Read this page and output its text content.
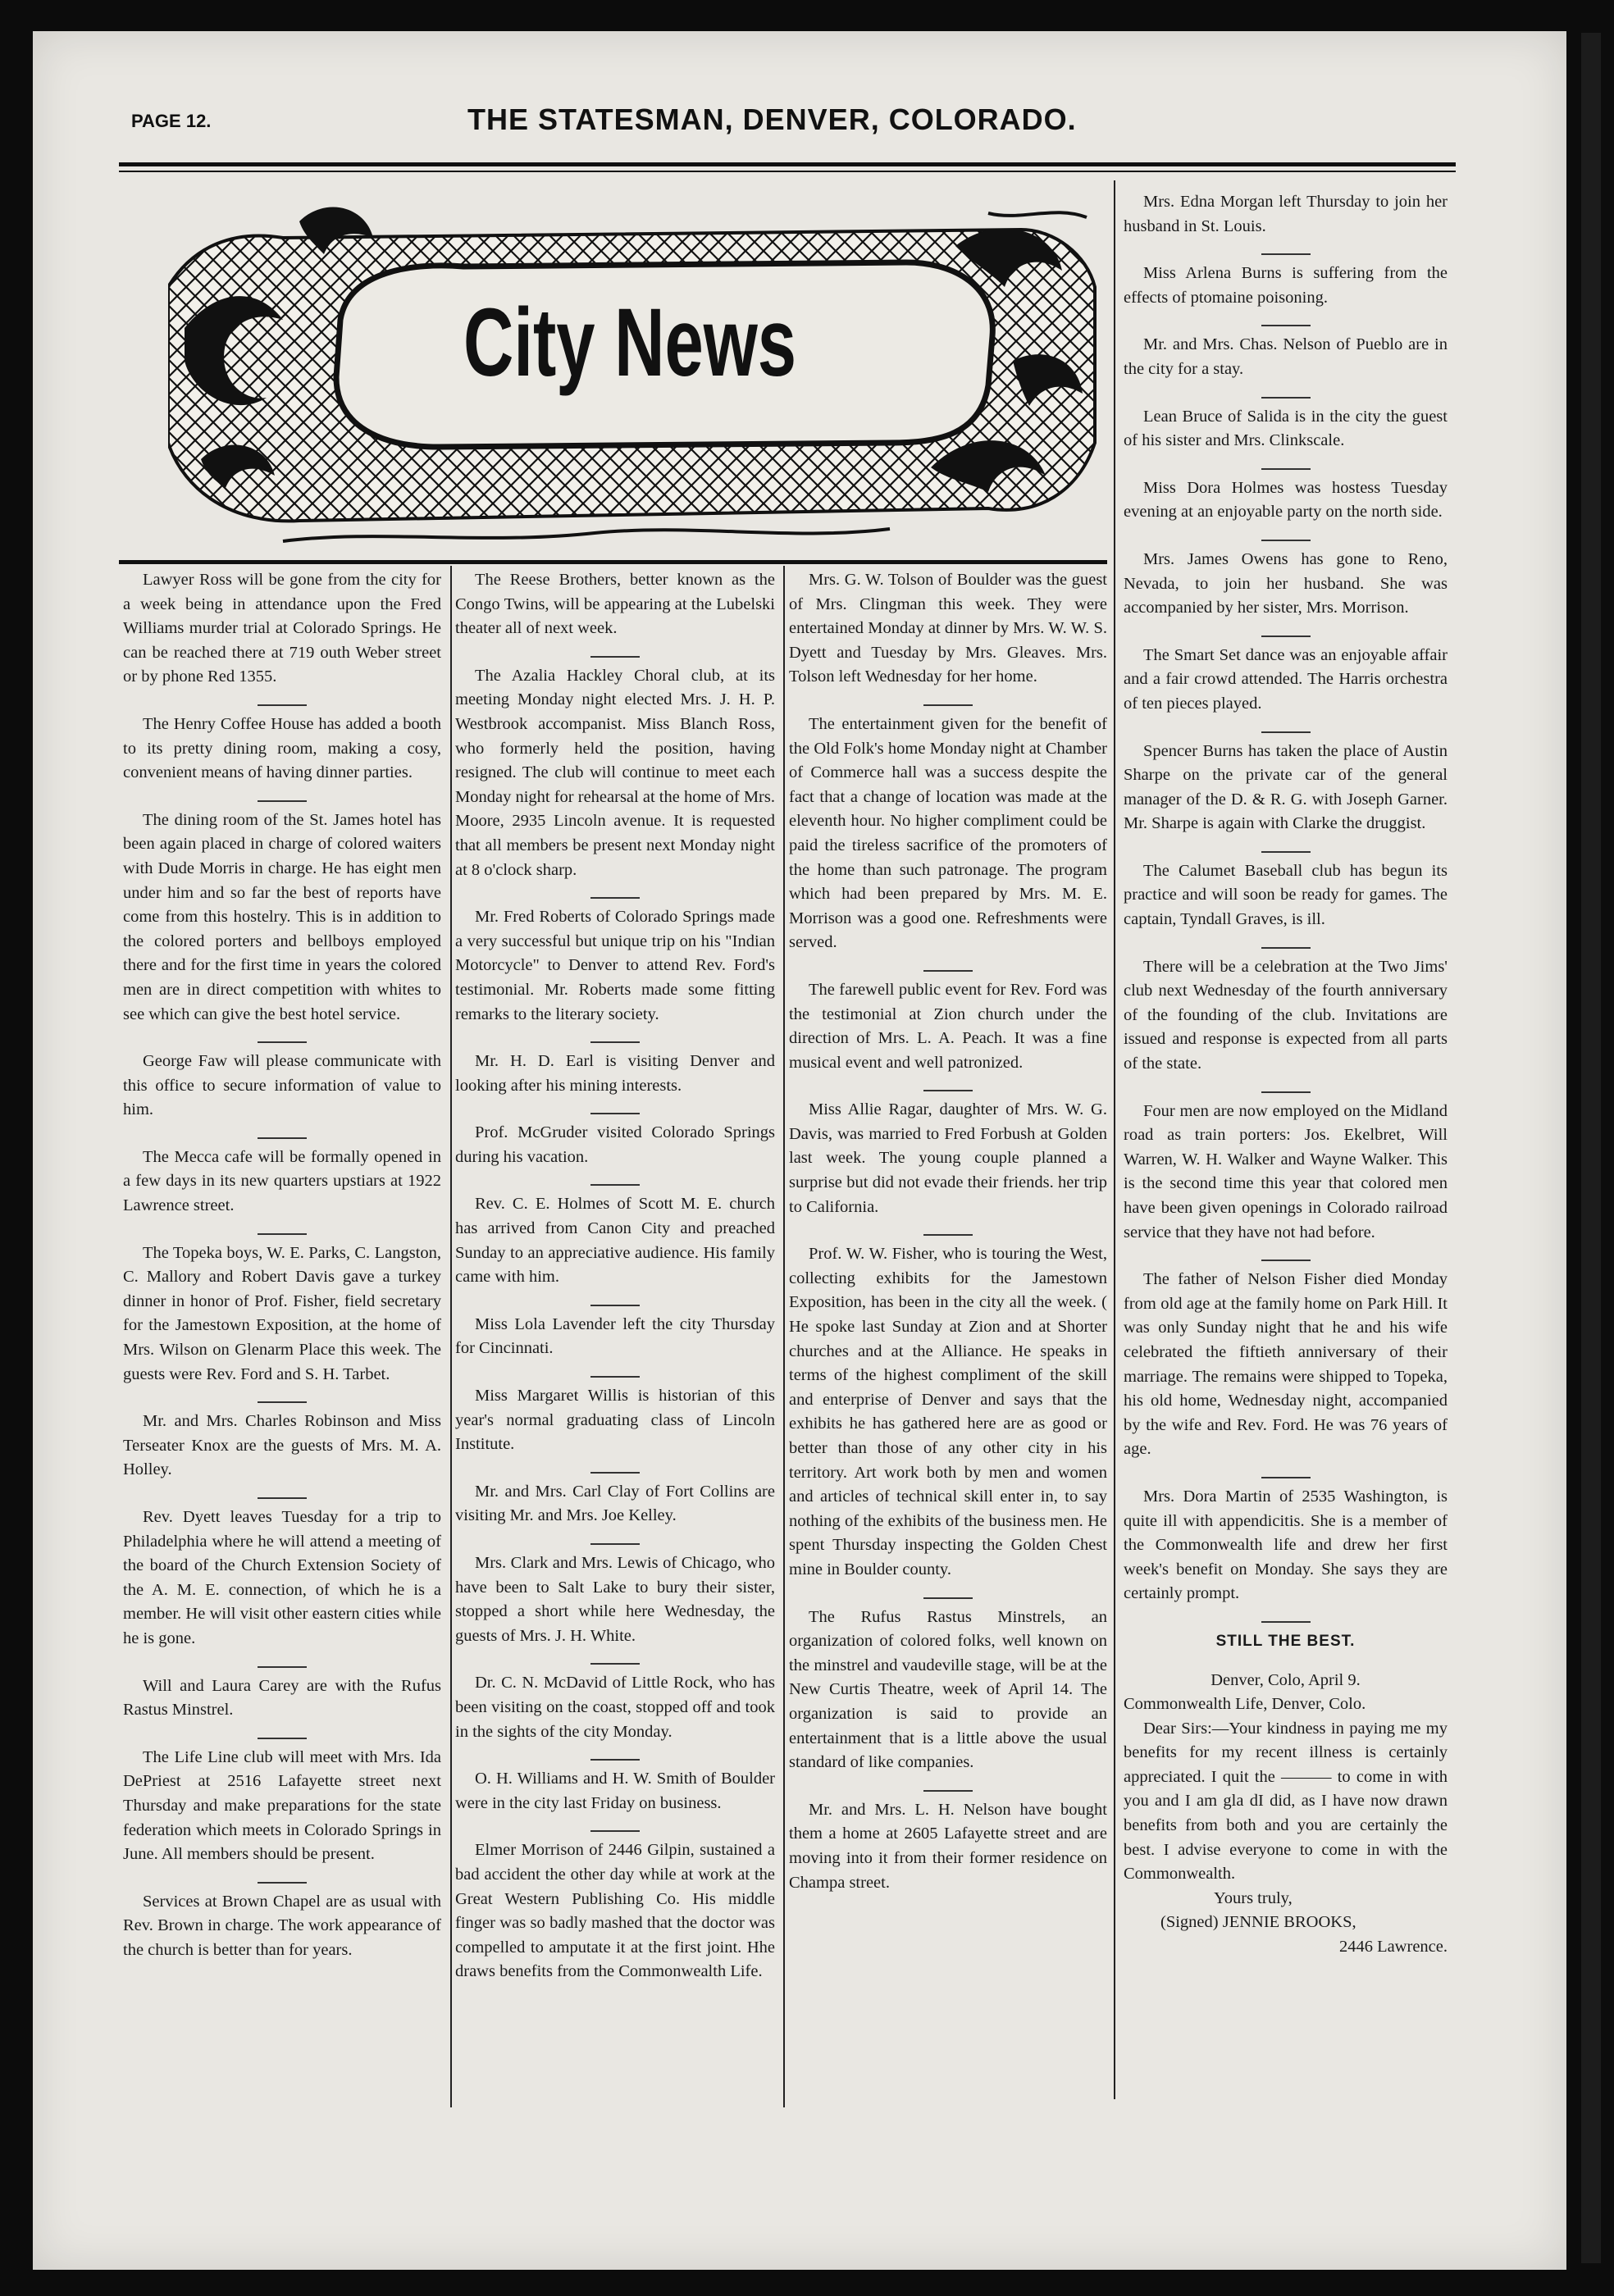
PAGE 12.	THE STATESMAN, DENVER, COLORADO.
City News

Mrs. Edna Morgan left Thursday to join her husband in St. Louis.

Miss Arlena Burns is suffering from the effects of ptomaine poisoning.

Mr. and Mrs. Chas. Nelson of Pueblo are in the city for a stay.

Lean Bruce of Salida is in the city the guest of his sister and Mrs. Clinkscale.

Miss Dora Holmes was hostess Tuesday evening at an enjoyable party on the north side.

Mrs. James Owens has gone to Reno, Nevada, to join her husband. She was accompanied by her sister, Mrs. Morrison.

The Smart Set dance was an enjoyable affair and a fair crowd attended. The Harris orchestra of ten pieces played.

Spencer Burns has taken the place of Austin Sharpe on the private car of the general manager of the D. & R. G. with Joseph Garner. Mr. Sharpe is again with Clarke the druggist.

The Calumet Baseball club has begun its practice and will soon be ready for games. The captain, Tyndall Graves, is ill.

There will be a celebration at the Two Jims' club next Wednesday of the fourth anniversary of the founding of the club. Invitations are issued and response is expected from all parts of the state.

Four men are now employed on the Midland road as train porters: Jos. Ekelbret, Will Warren, W. H. Walker and Wayne Walker. This is the second time this year that colored men have been given openings in Colorado railroad service that they have not had before.

The father of Nelson Fisher died Monday from old age at the family home on Park Hill. It was only Sunday night that he and his wife celebrated the fiftieth anniversary of their marriage. The remains were shipped to Topeka, his old home, Wednesday night, accompanied by the wife and Rev. Ford. He was 76 years of age.

Mrs. Dora Martin of 2535 Washington, is quite ill with appendicitis. She is a member of the Commonwealth life and drew her first week's benefit on Monday. She says they are certainly prompt.

STILL THE BEST.

Denver, Colo, April 9.

Commonwealth Life, Denver, Colo.

Dear Sirs:—Your kindness in paying me my benefits for my recent illness is certainly appreciated. I quit the ——— to come in with you and I am gla dI did, as I have now drawn benefits from both and you are certainly the best. I advise everyone to come in with the Commonwealth.

Yours truly,

(Signed) JENNIE BROOKS,

2446 Lawrence.

Lawyer Ross will be gone from the city for a week being in attendance upon the Fred Williams murder trial at Colorado Springs. He can be reached there at 719 outh Weber street or by phone Red 1355.

The Henry Coffee House has added a booth to its pretty dining room, making a cosy, convenient means of having dinner parties.

The dining room of the St. James hotel has been again placed in charge of colored waiters with Dude Morris in charge. He has eight men under him and so far the best of reports have come from this hostelry. This is in addition to the colored porters and bellboys employed there and for the first time in years the colored men are in direct competition with whites to see which can give the best hotel service.

George Faw will please communicate with this office to secure information of value to him.

The Mecca cafe will be formally opened in a few days in its new quarters upstiars at 1922 Lawrence street.

The Topeka boys, W. E. Parks, C. Langston, C. Mallory and Robert Davis gave a turkey dinner in honor of Prof. Fisher, field secretary for the Jamestown Exposition, at the home of Mrs. Wilson on Glenarm Place this week. The guests were Rev. Ford and S. H. Tarbet.

Mr. and Mrs. Charles Robinson and Miss Terseater Knox are the guests of Mrs. M. A. Holley.

Rev. Dyett leaves Tuesday for a trip to Philadelphia where he will attend a meeting of the board of the Church Extension Society of the A. M. E. connection, of which he is a member. He will visit other eastern cities while he is gone.

Will and Laura Carey are with the Rufus Rastus Minstrel.

The Life Line club will meet with Mrs. Ida DePriest at 2516 Lafayette street next Thursday and make preparations for the state federation which meets in Colorado Springs in June. All members should be present.

Services at Brown Chapel are as usual with Rev. Brown in charge. The work appearance of the church is better than for years.

The Reese Brothers, better known as the Congo Twins, will be appearing at the Lubelski theater all of next week.

The Azalia Hackley Choral club, at its meeting Monday night elected Mrs. J. H. P. Westbrook accompanist. Miss Blanch Ross, who formerly held the position, having resigned. The club will continue to meet each Monday night for rehearsal at the home of Mrs. Moore, 2935 Lincoln avenue. It is requested that all members be present next Monday night at 8 o'clock sharp.

Mr. Fred Roberts of Colorado Springs made a very successful but unique trip on his "Indian Motorcycle" to Denver to attend Rev. Ford's testimonial. Mr. Roberts made some fitting remarks to the literary society.

Mr. H. D. Earl is visiting Denver and looking after his mining interests.

Prof. McGruder visited Colorado Springs during his vacation.

Rev. C. E. Holmes of Scott M. E. church has arrived from Canon City and preached Sunday to an appreciative audience. His family came with him.

Miss Lola Lavender left the city Thursday for Cincinnati.

Miss Margaret Willis is historian of this year's normal graduating class of Lincoln Institute.

Mr. and Mrs. Carl Clay of Fort Collins are visiting Mr. and Mrs. Joe Kelley.

Mrs. Clark and Mrs. Lewis of Chicago, who have been to Salt Lake to bury their sister, stopped a short while here Wednesday, the guests of Mrs. J. H. White.

Dr. C. N. McDavid of Little Rock, who has been visiting on the coast, stopped off and took in the sights of the city Monday.

O. H. Williams and H. W. Smith of Boulder were in the city last Friday on business.

Elmer Morrison of 2446 Gilpin, sustained a bad accident the other day while at work at the Great Western Publishing Co. His middle finger was so badly mashed that the doctor was compelled to amputate it at the first joint. Hhe draws benefits from the Commonwealth Life.

Mrs. G. W. Tolson of Boulder was the guest of Mrs. Clingman this week. They were entertained Monday at dinner by Mrs. W. W. S. Dyett and Tuesday by Mrs. Gleaves. Mrs. Tolson left Wednesday for her home.

The entertainment given for the benefit of the Old Folk's home Monday night at Chamber of Commerce hall was a success despite the fact that a change of location was made at the eleventh hour. No higher compliment could be paid the tireless sacrifice of the promoters of the home than such patronage. The program which had been prepared by Mrs. M. E. Morrison was a good one. Refreshments were served.

The farewell public event for Rev. Ford was the testimonial at Zion church under the direction of Mrs. L. A. Peach. It was a fine musical event and well patronized.

Miss Allie Ragar, daughter of Mrs. W. G. Davis, was married to Fred Forbush at Golden last week. The young couple planned a surprise but did not evade their friends. her trip to California.

Prof. W. W. Fisher, who is touring the West, collecting exhibits for the Jamestown Exposition, has been in the city all the week. ( He spoke last Sunday at Zion and at Shorter churches and at the Alliance. He speaks in terms of the highest compliment of the skill and enterprise of Denver and says that the exhibits he has gathered here are as good or better than those of any other city in his territory. Art work both by men and women and articles of technical skill enter in, to say nothing of the exhibits of the business men. He spent Thursday inspecting the Golden Chest mine in Boulder county.

The Rufus Rastus Minstrels, an organization of colored folks, well known on the minstrel and vaudeville stage, will be at the New Curtis Theatre, week of April 14. The organization is said to provide an entertainment that is a little above the usual standard of like companies.

Mr. and Mrs. L. H. Nelson have bought them a home at 2605 Lafayette street and are moving into it from their former residence on Champa street.
